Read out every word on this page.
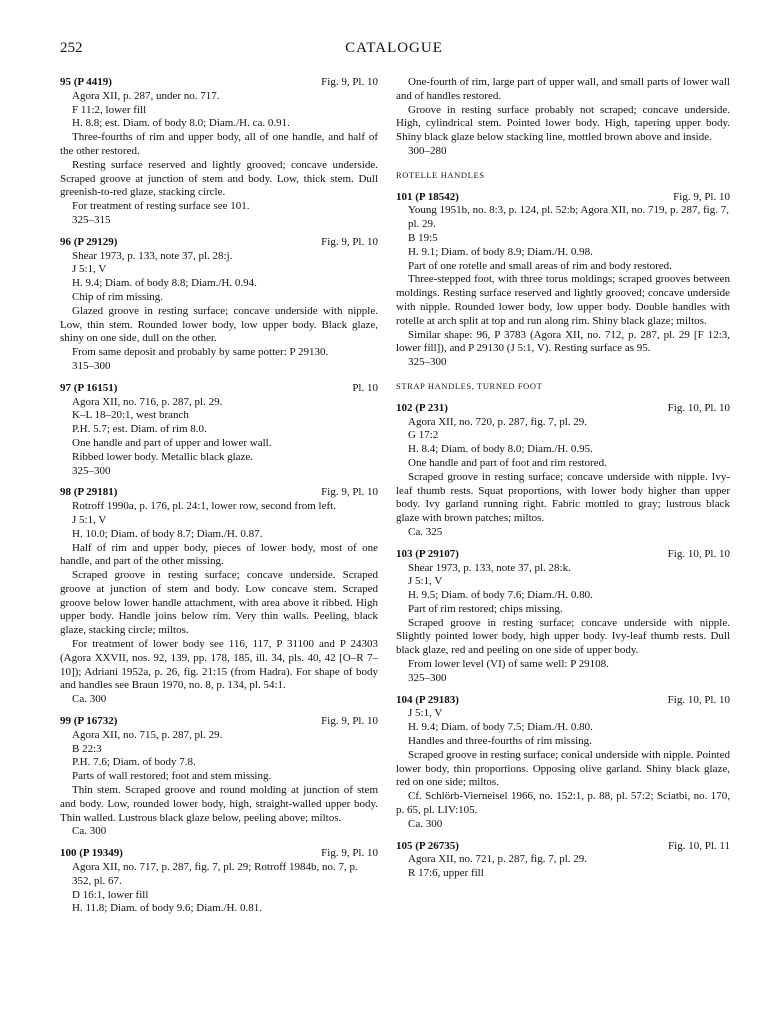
252	CATALOGUE
95 (P 4419)	Fig. 9, Pl. 10
Agora XII, p. 287, under no. 717.
F 11:2, lower fill
H. 8.8; est. Diam. of body 8.0; Diam./H. ca. 0.91.
Three-fourths of rim and upper body, all of one handle, and half of the other restored.
Resting surface reserved and lightly grooved; concave underside. Scraped groove at junction of stem and body. Low, thick stem. Dull greenish-to-red glaze, stacking circle.
For treatment of resting surface see 101.
325–315
96 (P 29129)	Fig. 9, Pl. 10
Shear 1973, p. 133, note 37, pl. 28:j.
J 5:1, V
H. 9.4; Diam. of body 8.8; Diam./H. 0.94.
Chip of rim missing.
Glazed groove in resting surface; concave underside with nipple. Low, thin stem. Rounded lower body, low upper body. Black glaze, shiny on one side, dull on the other.
From same deposit and probably by same potter: P 29130.
315–300
97 (P 16151)	Pl. 10
Agora XII, no. 716, p. 287, pl. 29.
K–L 18–20:1, west branch
P.H. 5.7; est. Diam. of rim 8.0.
One handle and part of upper and lower wall.
Ribbed lower body. Metallic black glaze.
325–300
98 (P 29181)	Fig. 9, Pl. 10
Rotroff 1990a, p. 176, pl. 24:1, lower row, second from left.
J 5:1, V
H. 10.0; Diam. of body 8.7; Diam./H. 0.87.
Half of rim and upper body, pieces of lower body, most of one handle, and part of the other missing.
Scraped groove in resting surface; concave underside. Scraped groove at junction of stem and body. Low concave stem. Scraped groove below lower handle attachment, with area above it ribbed. High upper body. Handle joins below rim. Very thin walls. Peeling, black glaze, stacking circle; miltos.
For treatment of lower body see 116, 117, P 31100 and P 24303 (Agora XXVII, nos. 92, 139, pp. 178, 185, ill. 34, pls. 40, 42 [O–R 7–10]); Adriani 1952a, p. 26, fig. 21:15 (from Hadra). For shape of body and handles see Braun 1970, no. 8, p. 134, pl. 54:1.
Ca. 300
99 (P 16732)	Fig. 9, Pl. 10
Agora XII, no. 715, p. 287, pl. 29.
B 22:3
P.H. 7.6; Diam. of body 7.8.
Parts of wall restored; foot and stem missing.
Thin stem. Scraped groove and round molding at junction of stem and body. Low, rounded lower body, high, straight-walled upper body. Thin walled. Lustrous black glaze below, peeling above; miltos.
Ca. 300
100 (P 19349)	Fig. 9, Pl. 10
Agora XII, no. 717, p. 287, fig. 7, pl. 29; Rotroff 1984b, no. 7, p. 352, pl. 67.
D 16:1, lower fill
H. 11.8; Diam. of body 9.6; Diam./H. 0.81.
One-fourth of rim, large part of upper wall, and small parts of lower wall and of handles restored.
Groove in resting surface probably not scraped; concave underside. High, cylindrical stem. Pointed lower body. High, tapering upper body. Shiny black glaze below stacking line, mottled brown above and inside.
300–280
ROTELLE HANDLES
101 (P 18542)	Fig. 9, Pl. 10
Young 1951b, no. 8:3, p. 124, pl. 52:b; Agora XII, no. 719, p. 287, fig. 7, pl. 29.
B 19:5
H. 9.1; Diam. of body 8.9; Diam./H. 0.98.
Part of one rotelle and small areas of rim and body restored.
Three-stepped foot, with three torus moldings; scraped grooves between moldings. Resting surface reserved and lightly grooved; concave underside with nipple. Rounded lower body, low upper body. Double handles with rotelle at arch split at top and run along rim. Shiny black glaze; miltos.
Similar shape: 96, P 3783 (Agora XII, no. 712, p. 287, pl. 29 [F 12:3, lower fill]), and P 29130 (J 5:1, V). Resting surface as 95.
325–300
STRAP HANDLES, TURNED FOOT
102 (P 231)	Fig. 10, Pl. 10
Agora XII, no. 720, p. 287, fig. 7, pl. 29.
G 17:2
H. 8.4; Diam. of body 8.0; Diam./H. 0.95.
One handle and part of foot and rim restored.
Scraped groove in resting surface; concave underside with nipple. Ivy-leaf thumb rests. Squat proportions, with lower body higher than upper body. Ivy garland running right. Fabric mottled to gray; lustrous black glaze with brown patches; miltos.
Ca. 325
103 (P 29107)	Fig. 10, Pl. 10
Shear 1973, p. 133, note 37, pl. 28:k.
J 5:1, V
H. 9.5; Diam. of body 7.6; Diam./H. 0.80.
Part of rim restored; chips missing.
Scraped groove in resting surface; concave underside with nipple. Slightly pointed lower body, high upper body. Ivy-leaf thumb rests. Dull black glaze, red and peeling on one side of upper body.
From lower level (VI) of same well: P 29108.
325–300
104 (P 29183)	Fig. 10, Pl. 10
J 5:1, V
H. 9.4; Diam. of body 7.5; Diam./H. 0.80.
Handles and three-fourths of rim missing.
Scraped groove in resting surface; conical underside with nipple. Pointed lower body, thin proportions. Opposing olive garland. Shiny black glaze, red on one side; miltos.
Cf. Schlörb-Vierneisel 1966, no. 152:1, p. 88, pl. 57:2; Sciatbi, no. 170, p. 65, pl. LIV:105.
Ca. 300
105 (P 26735)	Fig. 10, Pl. 11
Agora XII, no. 721, p. 287, fig. 7, pl. 29.
R 17:6, upper fill
